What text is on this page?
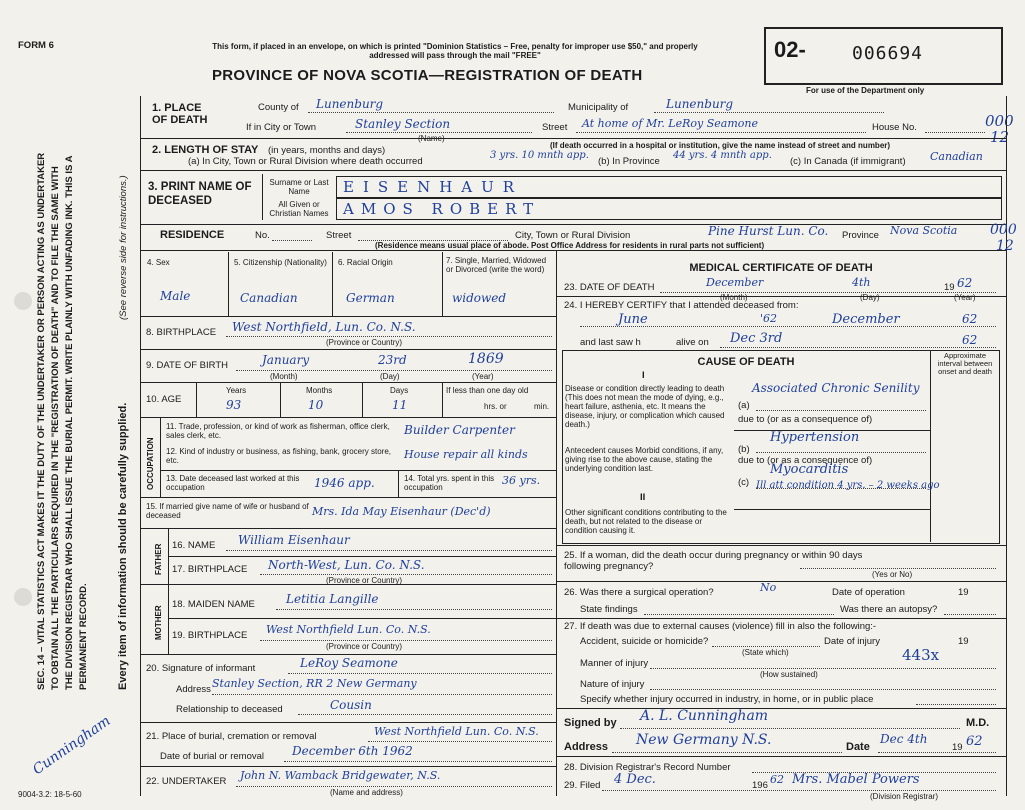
FORM 6	This form, if placed in an envelope, on which is printed "Dominion Statistics – Free, penalty for improper use $50," and properly addressed will pass through the mail "FREE"
PROVINCE OF NOVA SCOTIA—REGISTRATION OF DEATH
02-	006694
For use of the Department only
000
12
SEC. 14 – VITAL STATISTICS ACT MAKES IT THE DUTY OF THE UNDERTAKER OR PERSON ACTING AS UNDERTAKER TO OBTAIN ALL THE PARTICULARS REQUIRED IN THE "REGISTRATION OF DEATH" AND TO FILE THE SAME WITH THE DIVISION REGISTRAR WHO SHALL ISSUE THE BURIAL PERMIT. WRITE PLAINLY WITH UNFADING INK. THIS IS A PERMANENT RECORD.	Every item of information should be carefully supplied.
(See reverse side for instructions.)
Cunningham
1. PLACE OF DEATH
County of Lunenburg	Municipality of	Lunenburg
If in City or Town	Stanley Section
(Name)
Street At home of Mr. LeRoy Seamone	House No.
(If death occurred in a hospital or institution, give the name instead of street and number)
2. LENGTH OF STAY (in years, months and days)
(a) In City, Town or Rural Division where death occurred
3 yrs. 10 mnth app.
(b) In Province
44 yrs. 4 mnth app.
(c) In Canada (if immigrant) Canadian
3. PRINT NAME OF DECEASED
Surname or Last Name
All Given or Christian Names
EISENHAUR
AMOS ROBERT
RESIDENCE	No.	Street	City, Town or Rural Division	Pine Hurst Lun. Co. Province Nova Scotia 000
12
(Residence means usual place of abode. Post Office Address for residents in rural parts not sufficient)
4. Sex
Male
5. Citizenship (Nationality)
Canadian
6. Racial Origin
German
7. Single, Married, Widowed or Divorced (write the word)
widowed
8. BIRTHPLACE West Northfield, Lun. Co. N.S.
(Province or Country)
9. DATE OF BIRTH	January	23rd	1869
(Month)	(Day)	(Year)
10. AGE
Years	Months	Days
93	10	11
If less than one day old
hrs. or	min.
OCCUPATION
11. Trade, profession, or kind of work as fisherman, office clerk, sales clerk, etc.	Builder Carpenter
12. Kind of industry or business, as fishing, bank, grocery store, etc.	House repair all kinds
13. Date deceased last worked at this occupation	1946 app.	14. Total yrs. spent in this occupation
36 yrs.
15. If married give name of wife or husband of deceased	Mrs. Ida May Eisenhaur (Dec'd)
FATHER 16. NAME William Eisenhaur
17. BIRTHPLACE North-West, Lun. Co. N.S.
(Province or Country)
MOTHER
18. MAIDEN NAME	Letitia Langille
19. BIRTHPLACE West Northfield Lun. Co. N.S.
(Province or Country)
20. Signature of informant	LeRoy Seamone
Address Stanley Section, RR 2 New Germany
Relationship to deceased	Cousin
21. Place of burial, cremation or removal	West Northfield Lun. Co. N.S.
Date of burial or removal December 6th 1962
22. UNDERTAKER John N. Wamback Bridgewater, N.S.
(Name and address)
MEDICAL CERTIFICATE OF DEATH
23. DATE OF DEATH	December	4th	19 62
(Month)	(Day)	(Year)
24. I HEREBY CERTIFY that I attended deceased from:
June	'62	December	62
and last saw h	alive on Dec 3rd	62
CAUSE OF DEATH
Approximate interval between onset and death
I
Disease or condition directly leading to death (This does not mean the mode of dying, e.g., heart failure, asthenia, etc. It means the disease, injury, or complication which caused death.)
(a)
Associated Chronic Senility
due to (or as a consequence of)
Antecedent causes Morbid conditions, if any, giving rise to the above cause, stating the underlying condition last.
(b)
Hypertension
due to (or as a consequence of)
Myocarditis
(c) Ill att condition 4 yrs. – 2 weeks ago
II
Other significant conditions contributing to the death, but not related to the disease or condition causing it.
25. If a woman, did the death occur during pregnancy or within 90 days following pregnancy?
(Yes or No)
26. Was there a surgical operation?	No	Date of operation	19
State findings	Was there an autopsy?
27. If death was due to external causes (violence) fill in also the following:-
Accident, suicide or homicide?	Date of injury	19
(State which)	443x
Manner of injury
(How sustained)
Nature of injury
Specify whether injury occurred in industry, in home, or in public place
Signed by A. L. Cunningham	M.D.
Address New Germany N.S.	Date
Dec 4th
19 62
28. Division Registrar's Record Number
29. Filed 4 Dec.	196 62 Mrs. Mabel Powers
(Division Registrar)
9004-3.2: 18-5-60
